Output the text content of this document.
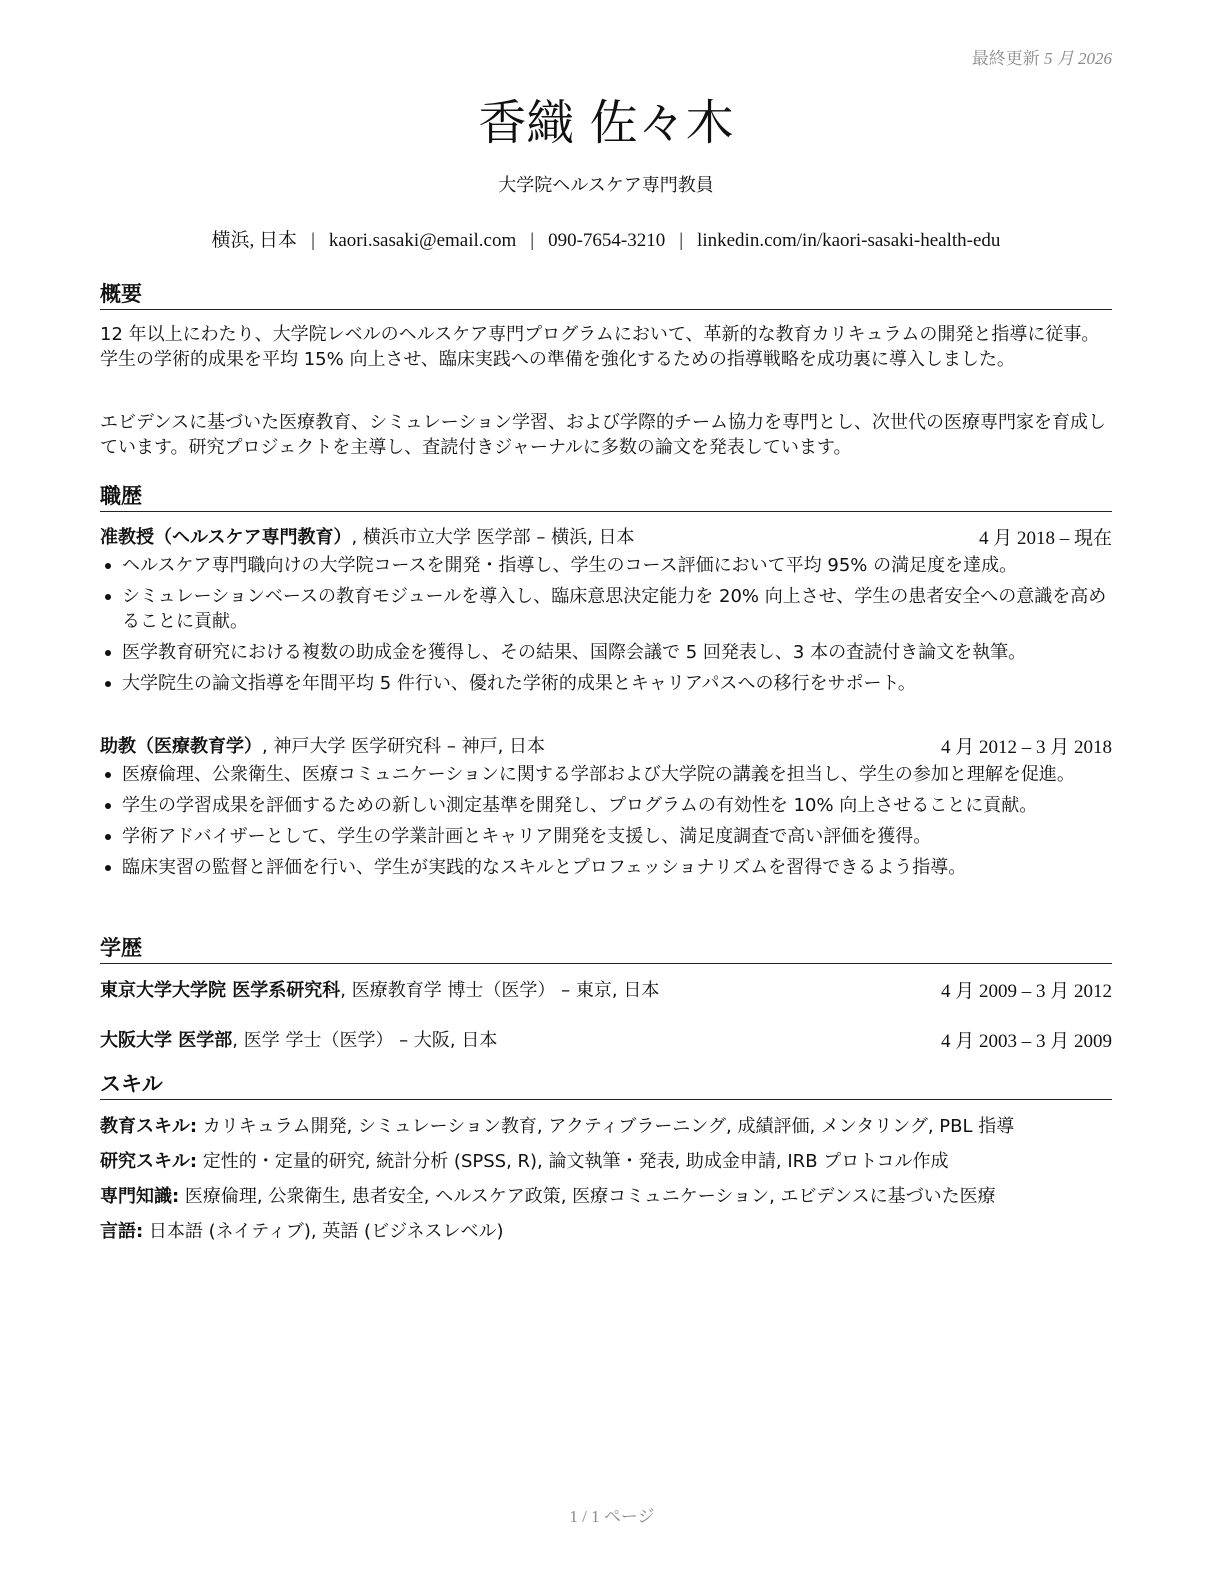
最終更新 5 月 2026
香織 佐々木
大学院ヘルスケア専門教員
横浜, 日本 | kaori.sasaki@email.com | 090-7654-3210 | linkedin.com/in/kaori-sasaki-health-edu
概要

12 年以上にわたり、大学院レベルのヘルスケア専門プログラムにおいて、革新的な教育カリキュラムの開発と指導に従事。学生の学術的成果を平均 15% 向上させ、臨床実践への準備を強化するための指導戦略を成功裏に導入しました。

エビデンスに基づいた医療教育、シミュレーション学習、および学際的チーム協力を専門とし、次世代の医療専門家を育成しています。研究プロジェクトを主導し、査読付きジャーナルに多数の論文を発表しています。

職歴
准教授（ヘルスケア専門教育）, 横浜市立大学 医学部 – 横浜, 日本	4 月 2018 – 現在
ヘルスケア専門職向けの大学院コースを開発・指導し、学生のコース評価において平均 95% の満足度を達成。
シミュレーションベースの教育モジュールを導入し、臨床意思決定能力を 20% 向上させ、学生の患者安全への意識を高めることに貢献。
医学教育研究における複数の助成金を獲得し、その結果、国際会議で 5 回発表し、3 本の査読付き論文を執筆。
大学院生の論文指導を年間平均 5 件行い、優れた学術的成果とキャリアパスへの移行をサポート。
助教（医療教育学）, 神戸大学 医学研究科 – 神戸, 日本	4 月 2012 – 3 月 2018
医療倫理、公衆衛生、医療コミュニケーションに関する学部および大学院の講義を担当し、学生の参加と理解を促進。
学生の学習成果を評価するための新しい測定基準を開発し、プログラムの有効性を 10% 向上させることに貢献。
学術アドバイザーとして、学生の学業計画とキャリア開発を支援し、満足度調査で高い評価を獲得。
臨床実習の監督と評価を行い、学生が実践的なスキルとプロフェッショナリズムを習得できるよう指導。
学歴
東京大学大学院 医学系研究科, 医療教育学 博士（医学） – 東京, 日本	4 月 2009 – 3 月 2012
大阪大学 医学部, 医学 学士（医学） – 大阪, 日本	4 月 2003 – 3 月 2009
スキル
教育スキル: カリキュラム開発, シミュレーション教育, アクティブラーニング, 成績評価, メンタリング, PBL 指導
研究スキル: 定性的・定量的研究, 統計分析 (SPSS, R), 論文執筆・発表, 助成金申請, IRB プロトコル作成
専門知識: 医療倫理, 公衆衛生, 患者安全, ヘルスケア政策, 医療コミュニケーション, エビデンスに基づいた医療
言語: 日本語 (ネイティブ), 英語 (ビジネスレベル)
1 / 1 ページ
